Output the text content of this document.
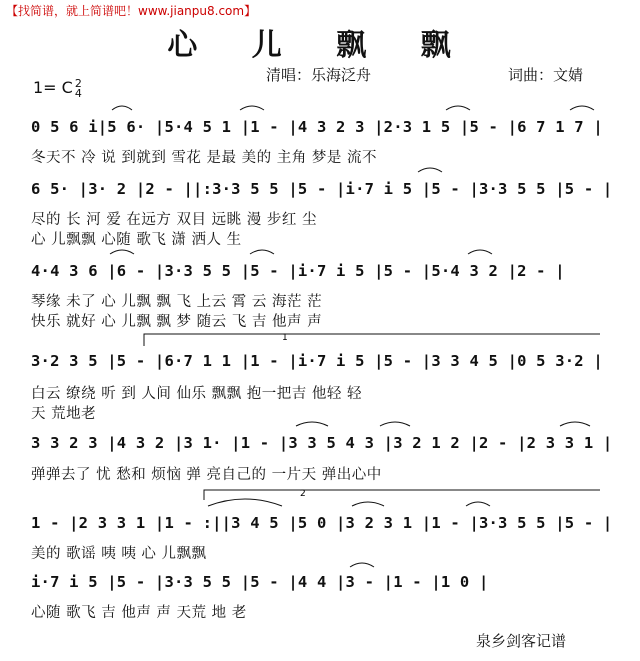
【找简谱，就上简谱吧！www.jianpu8.com】
心 儿 飘 飘
清唱：乐海泛舟	词曲：文婧
1= C 2
4
0 5 6 i|5 6· |5·4 5 1 |1 - |4 3 2 3 |2·3 1 5 |5 - |6 7 1 7 |
冬天不 冷 说 到就到 雪花 是最 美的 主角 梦是 流不
6 5· |3· 2 |2 - ||:3·3 5 5 |5 - |i·7 i 5 |5 - |3·3 5 5 |5 - |
尽的 长 河 爱 在远方 双目 远眺 漫 步红 尘
心 儿飘飘 心随 歌飞 潇 洒人 生
4·4 3 6 |6 - |3·3 5 5 |5 - |i·7 i 5 |5 - |5·4 3 2 |2 - |
琴缘 未了 心 儿飘 飘 飞 上云 霄 云 海茫 茫
快乐 就好 心 儿飘 飘 梦 随云 飞 吉 他声 声
3·2 3 5 |5 - |6·7 1 1 |1 - |i·7 i 5 |5 - |3 3 4 5 |0 5 3·2 |
白云 缭绕 听 到 人间 仙乐 飘飘 抱一把吉 他轻 轻
天 荒地老
3 3 2 3 |4 3 2 |3 1· |1 - |3 3 5 4 3 |3 2 1 2 |2 - |2 3 3 1 |
弹弹去了 忧 愁和 烦恼 弹 亮自己的 一片天 弹出心中
1 - |2 3 3 1 |1 - :||3 4 5 |5 0 |3 2 3 1 |1 - |3·3 5 5 |5 - |
美的 歌谣 咦 咦 心 儿飘飘
i·7 i 5 |5 - |3·3 5 5 |5 - |4 4 |3 - |1 - |1 0 |
心随 歌飞 吉 他声 声 天荒 地 老
1
2
泉乡剑客记谱
